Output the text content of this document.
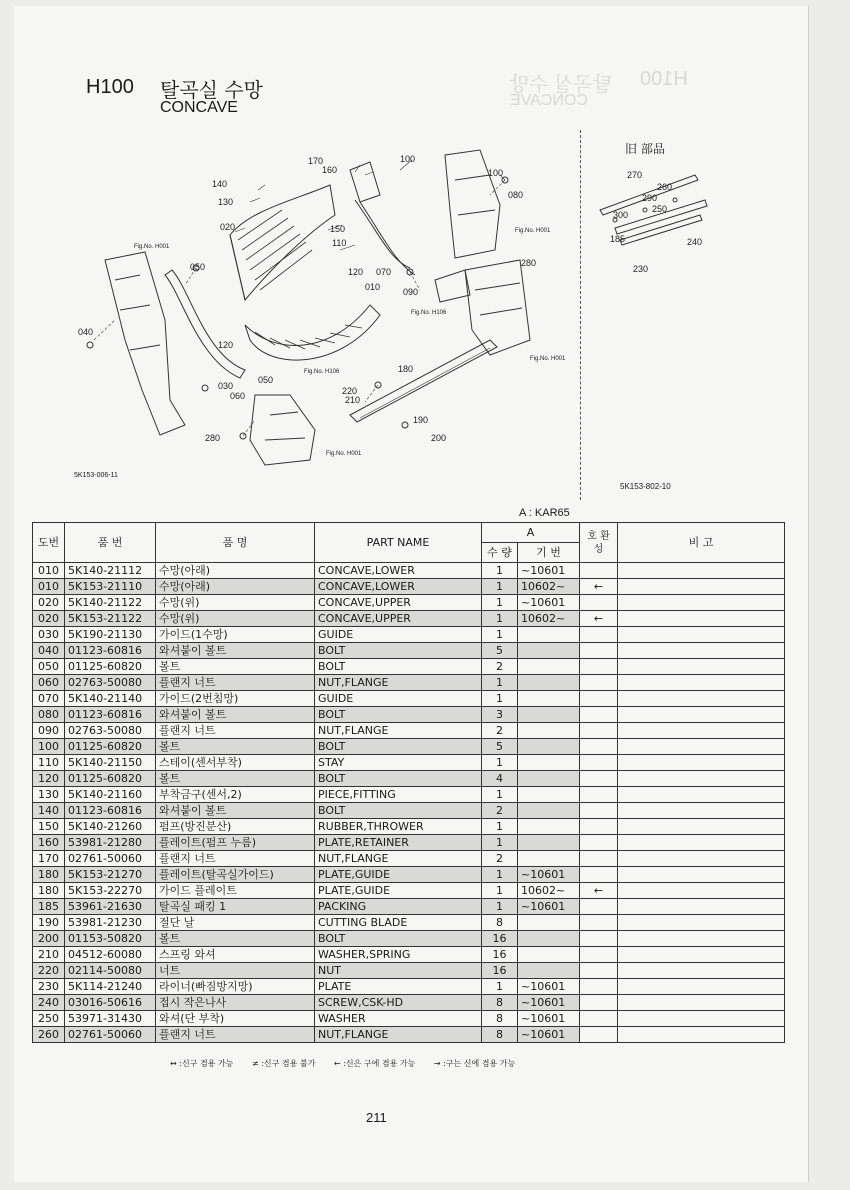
H100
탈곡실 수망
CONCAVE
H100 탈곡실 수망
CONCAVE
170
160
100
140
130
020	150
110
050	120 070
010	090
040
120
030
050
060
280
100
080
280
180
220
210
190
200
Fig.No. H001
Fig.No. H001
Fig.No. H106
Fig.No. H001
Fig.No. H106
Fig.No. H001
5K153-006-11
旧 部品
270
260
290
250
300
185	240
230
5K153-802-10
A : KAR65
도번	품 번	품 명	PART NAME	A		호 환 성	비 고
				수 량	기 번		
010	5K140-21112	수망(아래)	CONCAVE,LOWER	1	~10601		
010	5K153-21110	수망(아래)	CONCAVE,LOWER	1	10602~	←	
020	5K140-21122	수망(위)	CONCAVE,UPPER	1	~10601		
020	5K153-21122	수망(위)	CONCAVE,UPPER	1	10602~	←	
030	5K190-21130	가이드(1수망)	GUIDE	1			
040	01123-60816	와셔붙이 볼트	BOLT	5			
050	01125-60820	볼트	BOLT	2			
060	02763-50080	플랜지 너트	NUT,FLANGE	1			
070	5K140-21140	가이드(2번침망)	GUIDE	1			
080	01123-60816	와셔붙이 볼트	BOLT	3			
090	02763-50080	플랜지 너트	NUT,FLANGE	2			
100	01125-60820	볼트	BOLT	5			
110	5K140-21150	스테이(센서부착)	STAY	1			
120	01125-60820	볼트	BOLT	4			
130	5K140-21160	부착금구(센서,2)	PIECE,FITTING	1			
140	01123-60816	와셔붙이 볼트	BOLT	2			
150	5K140-21260	펌프(방진분산)	RUBBER,THROWER	1			
160	53981-21280	플레이트(펌프 누름)	PLATE,RETAINER	1			
170	02761-50060	플랜지 너트	NUT,FLANGE	2			
180	5K153-21270	플레이트(탈곡실가이드)	PLATE,GUIDE	1	~10601		
180	5K153-22270	가이드 플레이트	PLATE,GUIDE	1	10602~	←	
185	53961-21630	탈곡실 패킹 1	PACKING	1	~10601		
190	53981-21230	절단 날	CUTTING BLADE	8			
200	01153-50820	볼트	BOLT	16			
210	04512-60080	스프링 와셔	WASHER,SPRING	16			
220	02114-50080	너트	NUT	16			
230	5K114-21240	라이너(빠짐방지망)	PLATE	1	~10601		
240	03016-50616	접시 작은나사	SCREW,CSK-HD	8	~10601		
250	53971-31430	와셔(단 부착)	WASHER	8	~10601		
260	02761-50060	플랜지 너트	NUT,FLANGE	8	~10601		
↔ :신구 겸용 가능 ≠ :신구 겸용 불가 ← :신은 구에 겸용 가능 → :구는 신에 겸용 가능
211
